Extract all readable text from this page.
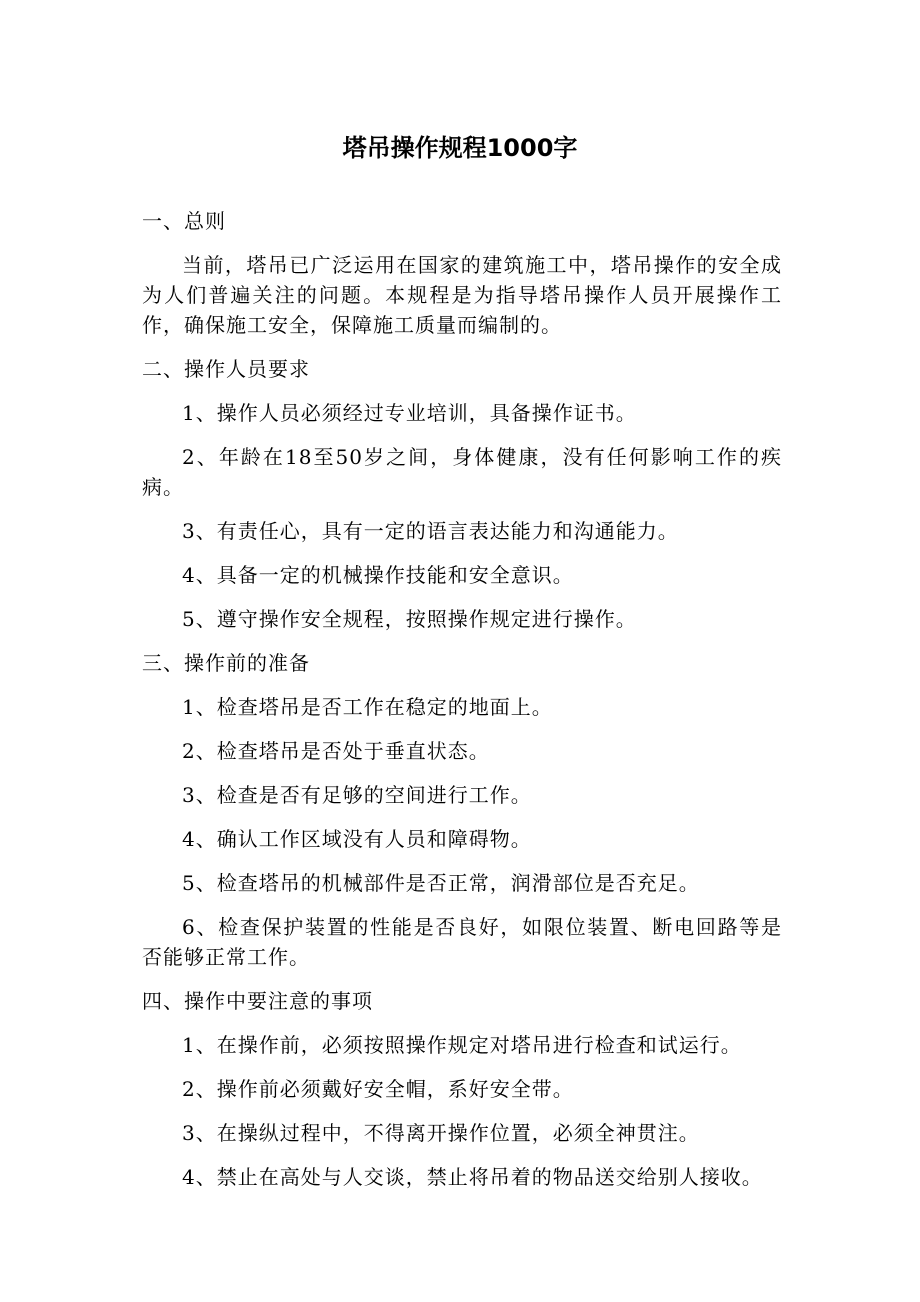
塔吊操作规程1000字

一、总则

当前，塔吊已广泛运用在国家的建筑施工中，塔吊操作的安全成为人们普遍关注的问题。本规程是为指导塔吊操作人员开展操作工作，确保施工安全，保障施工质量而编制的。

二、操作人员要求

1、操作人员必须经过专业培训，具备操作证书。

2、年龄在18至50岁之间，身体健康，没有任何影响工作的疾病。

3、有责任心，具有一定的语言表达能力和沟通能力。

4、具备一定的机械操作技能和安全意识。

5、遵守操作安全规程，按照操作规定进行操作。

三、操作前的准备

1、检查塔吊是否工作在稳定的地面上。

2、检查塔吊是否处于垂直状态。

3、检查是否有足够的空间进行工作。

4、确认工作区域没有人员和障碍物。

5、检查塔吊的机械部件是否正常，润滑部位是否充足。

6、检查保护装置的性能是否良好，如限位装置、断电回路等是否能够正常工作。

四、操作中要注意的事项

1、在操作前，必须按照操作规定对塔吊进行检查和试运行。

2、操作前必须戴好安全帽，系好安全带。

3、在操纵过程中，不得离开操作位置，必须全神贯注。

4、禁止在高处与人交谈，禁止将吊着的物品送交给别人接收。
